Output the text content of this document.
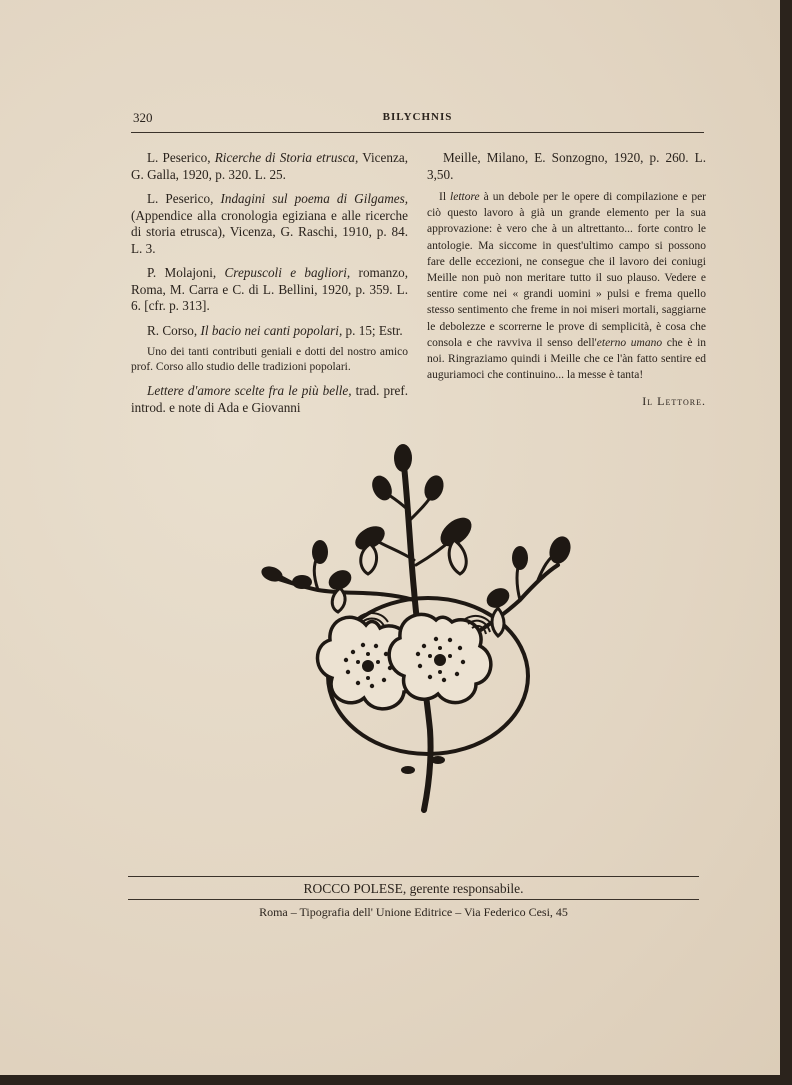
320	BILYCHNIS

L. Peserico, Ricerche di Storia etrusca, Vicenza, G. Galla, 1920, p. 320. L. 25.

L. Peserico, Indagini sul poema di Gilgames, (Appendice alla cronologia egiziana e alle ricerche di storia etrusca), Vicenza, G. Raschi, 1910, p. 84. L. 3.

P. Molajoni, Crepuscoli e bagliori, romanzo, Roma, M. Carra e C. di L. Bellini, 1920, p. 359. L. 6. [cfr. p. 313].

R. Corso, Il bacio nei canti popolari, p. 15; Estr.

Uno dei tanti contributi geniali e dotti del nostro amico prof. Corso allo studio delle tradizioni popolari.

Lettere d'amore scelte fra le più belle, trad. pref. introd. e note di Ada e Giovanni

Meille, Milano, E. Sonzogno, 1920, p. 260. L. 3,50.

Il lettore à un debole per le opere di compilazione e per ciò questo lavoro à già un grande elemento per la sua approvazione: è vero che à un altrettanto... forte contro le antologie. Ma siccome in quest'ultimo campo si possono fare delle eccezioni, ne consegue che il lavoro dei coniugi Meille non può non meritare tutto il suo plauso. Vedere e sentire come nei « grandi uomini » pulsi e frema quello stesso sentimento che freme in noi miseri mortali, saggiarne le debolezze e scorrerne le prove di semplicità, è cosa che consola e che ravviva il senso dell'eterno umano che è in noi. Ringraziamo quindi i Meille che ce l'àn fatto sentire ed auguriamoci che continuino... la messe è tanta!

Il Lettore.
ROCCO POLESE, gerente responsabile.
Roma – Tipografia dell' Unione Editrice – Via Federico Cesi, 45
